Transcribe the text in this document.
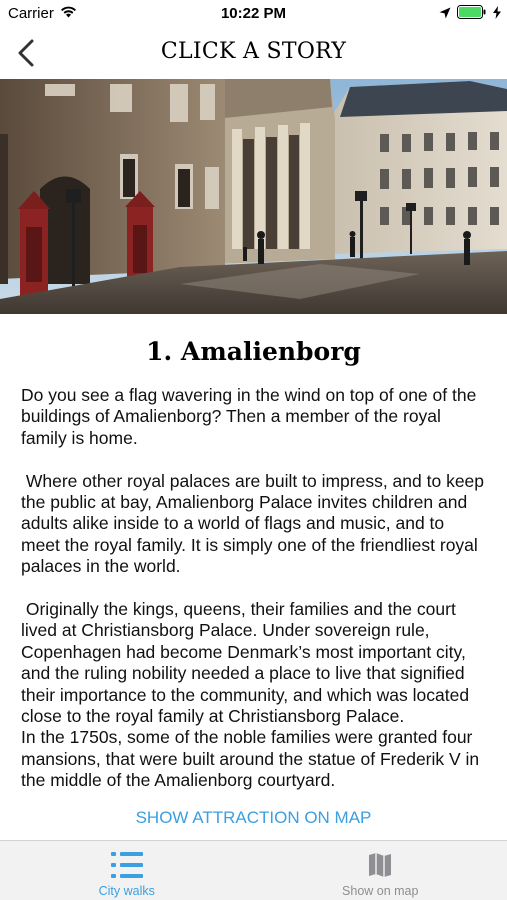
Carrier	10:22 PM
CLICK A STORY
1. Amalienborg

Do you see a flag wavering in the wind on top of one of the buildings of Amalienborg? Then a member of the royal family is home.

Where other royal palaces are built to impress, and to keep the public at bay, Amalienborg Palace invites children and adults alike inside to a world of flags and music, and to meet the royal family. It is simply one of the friendliest royal palaces in the world.

Originally the kings, queens, their families and the court lived at Christiansborg Palace. Under sovereign rule, Copenhagen had become Denmark’s most important city, and the ruling nobility needed a place to live that signified their importance to the community, and which was located close to the royal family at Christiansborg Palace.

In the 1750s, some of the noble families were granted four mansions, that were built around the statue of Frederik V in the middle of the Amalienborg courtyard.

SHOW ATTRACTION ON MAP
City walks	Show on map
